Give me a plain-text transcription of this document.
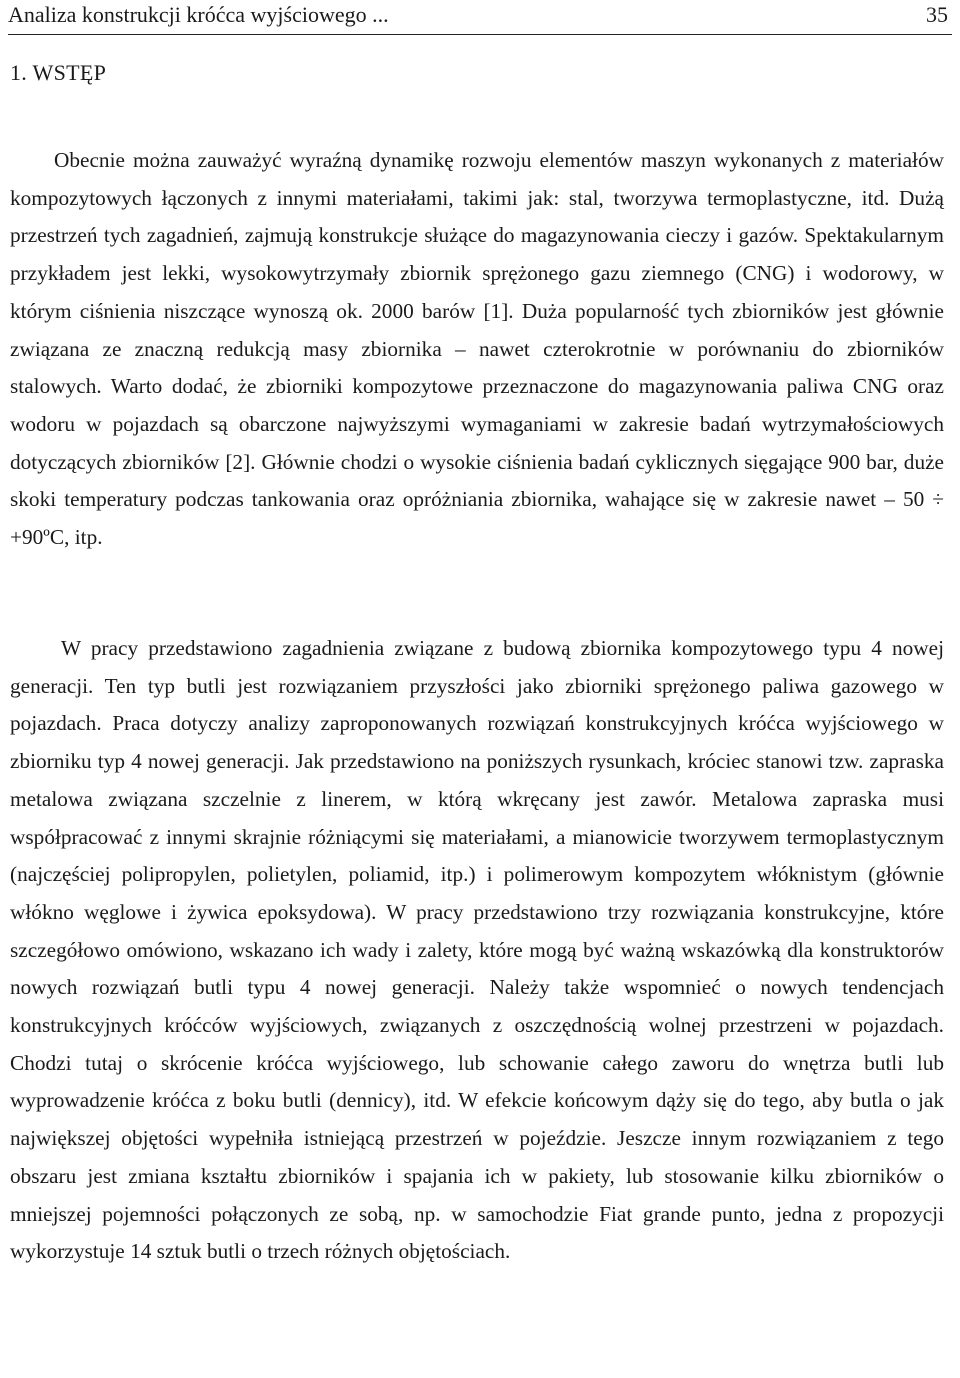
Analiza konstrukcji króćca wyjściowego ...	35
1. WSTĘP

Obecnie można zauważyć wyraźną dynamikę rozwoju elementów maszyn wykonanych z materiałów kompozytowych łączonych z innymi materiałami, takimi jak: stal, tworzywa termoplastyczne, itd. Dużą przestrzeń tych zagadnień, zajmują konstrukcje służące do magazynowania cieczy i gazów. Spektakularnym przykładem jest lekki, wysokowytrzymały zbiornik sprężonego gazu ziemnego (CNG) i wodorowy, w którym ciśnienia niszczące wynoszą ok. 2000 barów [1]. Duża popularność tych zbiorników jest głównie związana ze znaczną redukcją masy zbiornika – nawet czterokrotnie w porównaniu do zbiorników stalowych. Warto dodać, że zbiorniki kompozytowe przeznaczone do magazynowania paliwa CNG oraz wodoru w pojazdach są obarczone najwyższymi wymaganiami w zakresie badań wytrzymałościowych dotyczących zbiorników [2]. Głównie chodzi o wysokie ciśnienia badań cyklicznych sięgające 900 bar, duże skoki temperatury podczas tankowania oraz opróżniania zbiornika, wahające się w zakresie nawet – 50 ÷ +90ºC, itp.

W pracy przedstawiono zagadnienia związane z budową zbiornika kompozytowego typu 4 nowej generacji. Ten typ butli jest rozwiązaniem przyszłości jako zbiorniki sprężonego paliwa gazowego w pojazdach. Praca dotyczy analizy zaproponowanych rozwiązań konstrukcyjnych króćca wyjściowego w zbiorniku typ 4 nowej generacji. Jak przedstawiono na poniższych rysunkach, króciec stanowi tzw. zapraska metalowa związana szczelnie z linerem, w którą wkręcany jest zawór. Metalowa zapraska musi współpracować z innymi skrajnie różniącymi się materiałami, a mianowicie tworzywem termoplastycznym (najczęściej polipropylen, polietylen, poliamid, itp.) i polimerowym kompozytem włóknistym (głównie włókno węglowe i żywica epoksydowa). W pracy przedstawiono trzy rozwiązania konstrukcyjne, które szczegółowo omówiono, wskazano ich wady i zalety, które mogą być ważną wskazówką dla konstruktorów nowych rozwiązań butli typu 4 nowej generacji. Należy także wspomnieć o nowych tendencjach konstrukcyjnych króćców wyjściowych, związanych z oszczędnością wolnej przestrzeni w pojazdach. Chodzi tutaj o skrócenie króćca wyjściowego, lub schowanie całego zaworu do wnętrza butli lub wyprowadzenie króćca z boku butli (dennicy), itd. W efekcie końcowym dąży się do tego, aby butla o jak największej objętości wypełniła istniejącą przestrzeń w pojeździe. Jeszcze innym rozwiązaniem z tego obszaru jest zmiana kształtu zbiorników i spajania ich w pakiety, lub stosowanie kilku zbiorników o mniejszej pojemności połączonych ze sobą, np. w samochodzie Fiat grande punto, jedna z propozycji wykorzystuje 14 sztuk butli o trzech różnych objętościach.
